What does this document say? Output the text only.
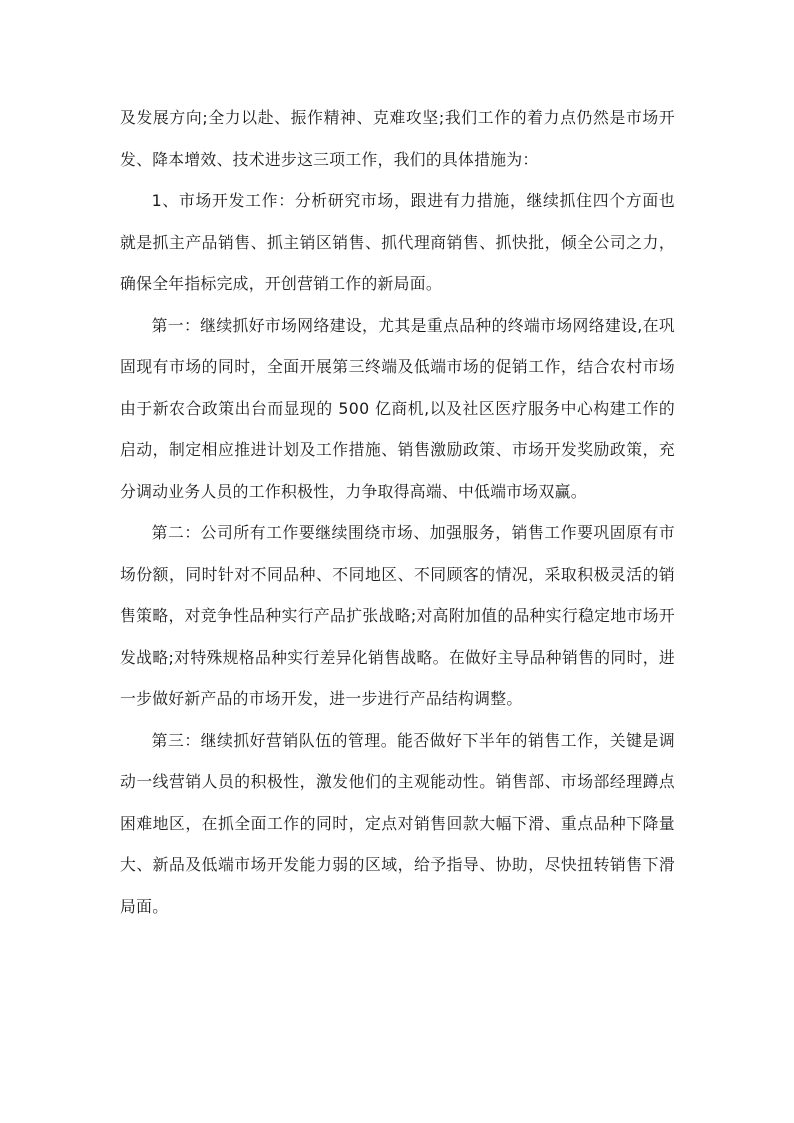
及发展方向;全力以赴、振作精神、克难攻坚;我们工作的着力点仍然是市场开发、降本增效、技术进步这三项工作，我们的具体措施为：

1、市场开发工作：分析研究市场，跟进有力措施，继续抓住四个方面也就是抓主产品销售、抓主销区销售、抓代理商销售、抓快批，倾全公司之力，确保全年指标完成，开创营销工作的新局面。

第一：继续抓好市场网络建设，尤其是重点品种的终端市场网络建设,在巩固现有市场的同时，全面开展第三终端及低端市场的促销工作，结合农村市场由于新农合政策出台而显现的 500 亿商机,以及社区医疗服务中心构建工作的启动，制定相应推进计划及工作措施、销售激励政策、市场开发奖励政策，充分调动业务人员的工作积极性，力争取得高端、中低端市场双赢。

第二：公司所有工作要继续围绕市场、加强服务，销售工作要巩固原有市场份额，同时针对不同品种、不同地区、不同顾客的情况，采取积极灵活的销售策略，对竞争性品种实行产品扩张战略;对高附加值的品种实行稳定地市场开发战略;对特殊规格品种实行差异化销售战略。在做好主导品种销售的同时，进一步做好新产品的市场开发，进一步进行产品结构调整。

第三：继续抓好营销队伍的管理。能否做好下半年的销售工作，关键是调动一线营销人员的积极性，激发他们的主观能动性。销售部、市场部经理蹲点困难地区，在抓全面工作的同时，定点对销售回款大幅下滑、重点品种下降量大、新品及低端市场开发能力弱的区域，给予指导、协助，尽快扭转销售下滑局面。
